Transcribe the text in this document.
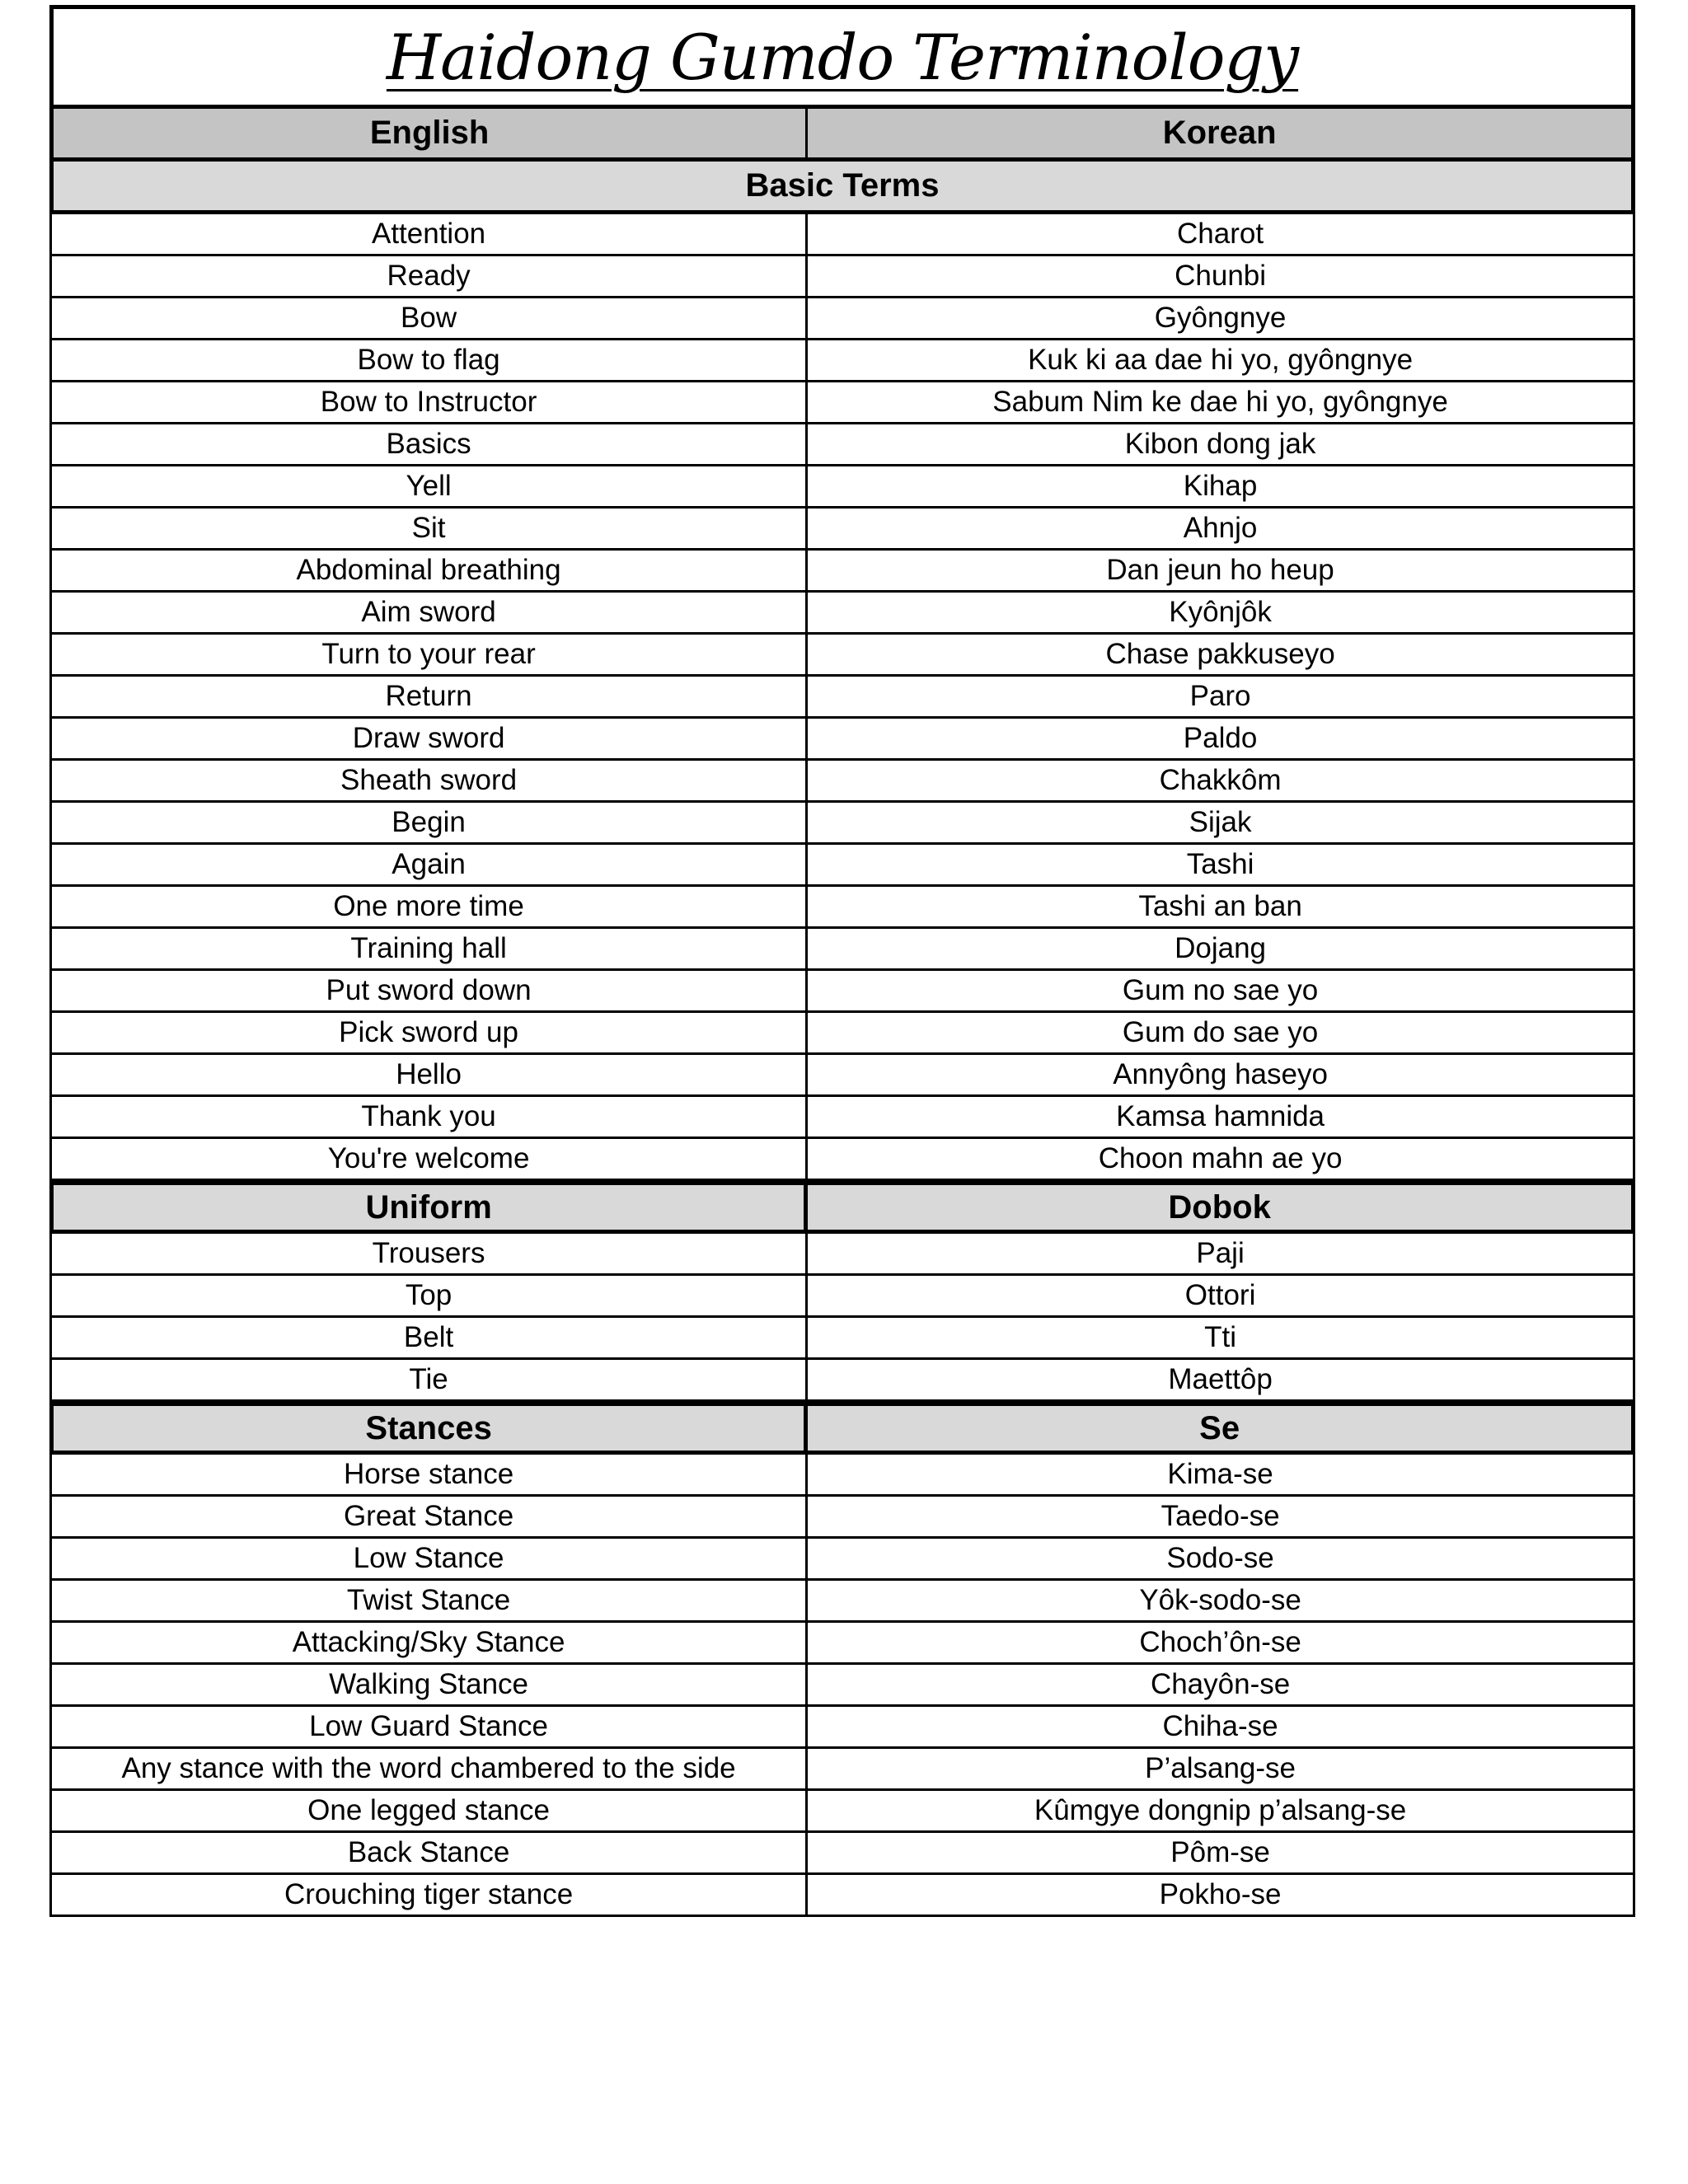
Haidong Gumdo Terminology
English	Korean
Basic Terms
Attention	Charot
Ready	Chunbi
Bow	Gyôngnye
Bow to flag	Kuk ki aa dae hi yo, gyôngnye
Bow to Instructor	Sabum Nim ke dae hi yo, gyôngnye
Basics	Kibon dong jak
Yell	Kihap
Sit	Ahnjo
Abdominal breathing	Dan jeun ho heup
Aim sword	Kyônjôk
Turn to your rear	Chase pakkuseyo
Return	Paro
Draw sword	Paldo
Sheath sword	Chakkôm
Begin	Sijak
Again	Tashi
One more time	Tashi an ban
Training hall	Dojang
Put sword down	Gum no sae yo
Pick sword up	Gum do sae yo
Hello	Annyông haseyo
Thank you	Kamsa hamnida
You're welcome	Choon mahn ae yo
Uniform	Dobok
Trousers	Paji
Top	Ottori
Belt	Tti
Tie	Maettôp
Stances	Se
Horse stance	Kima-se
Great Stance	Taedo-se
Low Stance	Sodo-se
Twist Stance	Yôk-sodo-se
Attacking/Sky Stance	Choch’ôn-se
Walking Stance	Chayôn-se
Low Guard Stance	Chiha-se
Any stance with the word chambered to the side	P’alsang-se
One legged stance	Kûmgye dongnip p’alsang-se
Back Stance	Pôm-se
Crouching tiger stance	Pokho-se
